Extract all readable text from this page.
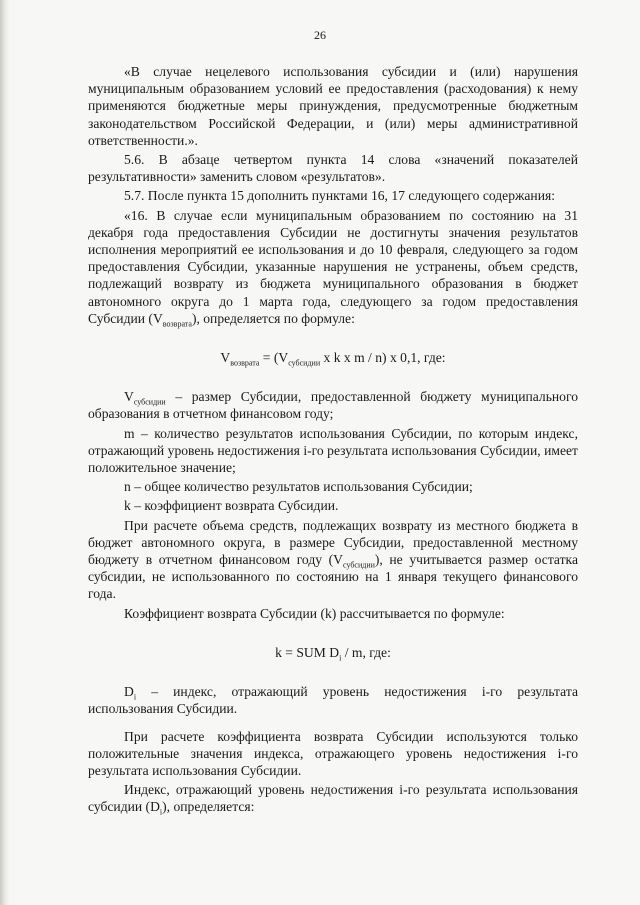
26

«В случае нецелевого использования субсидии и (или) нарушения муниципальным образованием условий ее предоставления (расходования) к нему применяются бюджетные меры принуждения, предусмотренные бюджетным законодательством Российской Федерации, и (или) меры административной ответственности.».

5.6. В абзаце четвертом пункта 14 слова «значений показателей результативности» заменить словом «результатов».

5.7. После пункта 15 дополнить пунктами 16, 17 следующего содержания:

«16. В случае если муниципальным образованием по состоянию на 31 декабря года предоставления Субсидии не достигнуты значения результатов исполнения мероприятий ее использования и до 10 февраля, следующего за годом предоставления Субсидии, указанные нарушения не устранены, объем средств, подлежащий возврату из бюджета муниципального образования в бюджет автономного округа до 1 марта года, следующего за годом предоставления Субсидии $(V_{возврата})$, определяется по формуле:

$V_{возврата} = (V_{субсидии}$ x k x m / n) x 0,1, где:

$V_{субсидии}$ – размер Субсидии, предоставленной бюджету муниципального образования в отчетном финансовом году;

m – количество результатов использования Субсидии, по которым индекс, отражающий уровень недостижения i-го результата использования Субсидии, имеет положительное значение;

n – общее количество результатов использования Субсидии;

k – коэффициент возврата Субсидии.

При расчете объема средств, подлежащих возврату из местного бюджета в бюджет автономного округа, в размере Субсидии, предоставленной местному бюджету в отчетном финансовом году $(V_{субсидии})$, не учитывается размер остатка субсидии, не использованного по состоянию на 1 января текущего финансового года.

Коэффициент возврата Субсидии (k) рассчитывается по формуле:

k = SUM $D_i$ / m, где:

$D_i$ – индекс, отражающий уровень недостижения i-го результата использования Субсидии.

При расчете коэффициента возврата Субсидии используются только положительные значения индекса, отражающего уровень недостижения i-го результата использования Субсидии.

Индекс, отражающий уровень недостижения i-го результата использования субсидии $(D_i)$, определяется:
